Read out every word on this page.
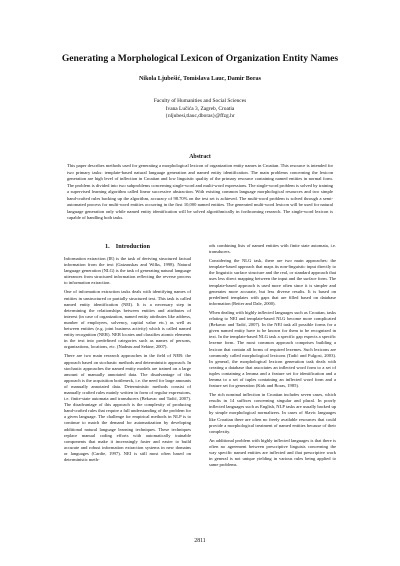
Generating a Morphological Lexicon of Organization Entity Names
Nikola Ljubešić, Tomislava Lauc, Damir Boras
Faculty of Humanities and Social Sciences
Ivana Lučića 3, Zagreb, Croatia
{nljubesi,tlauc,dboras}@ffzg.hr
Abstract
This paper describes methods used for generating a morphological lexicon of organization entity names in Croatian. This resource is intended for two primary tasks: template-based natural language generation and named entity identification. The main problems concerning the lexicon generation are high level of inflection in Croatian and low linguistic quality of the primary resource containing named entities in normal form. The problem is divided into two subproblems concerning single-word and multi-word expressions. The single-word problem is solved by training a supervised learning algorithm called linear successive abstraction. With existing common language morphological resources and two simple hand-crafted rules backing up the algorithm, accuracy of 98.70% on the test set is achieved. The multi-word problem is solved through a semi-automated process for multi-word entities occurring in the first 10,000 named entities. The generated multi-word lexicon will be used for natural language generation only while named entity identification will be solved algorithmically in forthcoming research. The single-word lexicon is capable of handling both tasks.
1. Introduction

Information extraction (IE) is the task of deriving structured factual information from the text (Gaizauskas and Wilks, 1998). Natural language generation (NLG) is the task of generating natural language utterances from structured information reflecting the reverse process to information extraction.

One of information extraction tasks deals with identifying names of entities in unstructured or partially structured text. This task is called named entity identification (NEI). It is a necessary step in determining the relationships between entities and attributes of interest (in case of organization, named entity attributes like address, number of employees, solvency, capital value etc.) as well as between entities (e.g. joint business activity) which is called named entity recognition (NER). NER locates and classifies atomic elements in the text into predefined categories such as names of persons, organizations, locations, etc. (Nadeau and Sekine, 2007).

There are two main research approaches in the field of NER: the approach based on stochastic methods and deterministic approach. In stochastic approaches the named entity models are trained on a large amount of manually annotated data. The disadvantage of this approach is the acquisition bottleneck, i.e. the need for large amounts of manually annotated data. Deterministic methods consist of manually crafted rules mainly written in form of regular expressions, i.e. finite-state automata and transducers (Bekavac and Tadić, 2007). The disadvantage of this approach is the complexity of producing hand-crafted rules that require a full understanding of the problem for a given language. The challenge for empirical methods in NLP is to continue to match the demand for automatization by developing additional natural language learning techniques. These techniques replace manual coding efforts with automatically trainable components that make it increasingly faster and easier to build accurate and robust information extraction systems in new domains or languages (Cardie, 1997). NEI is still most often based on deterministic meth-

ods combining lists of named entities with finite state automata, i.e. transducers.

Considering the NLG task, there are two main approaches: the template-based approach that maps its non-linguistic input directly to the linguistic surface structure and the real, or standard approach that uses less direct mapping between the input and the surface form. The template-based approach is used more often since it is simpler and generates more accurate, but less diverse results. It is based on predefined templates with gaps that are filled based on database information (Reiter and Dale, 2000).

When dealing with highly inflected languages such as Croatian, tasks relating to NEI and template-based NLG become more complicated (Bekavac and Tadić, 2007). In the NEI task all possible forms for a given named entity have to be known for them to be recognized in text. In the template-based NLG task a specific gap expects a specific lexeme form. The most common approach comprises building a lexicon that contain all forms of required lexemes. Such lexicons are commonly called morphological lexicons (Tadić and Fulgosi, 2003). In general, the morphological lexicon generation task deals with creating a database that associates an inflected word form to a set of tuples containing a lemma and a feature set for identification and a lemma to a set of tuples containing an inflected word form and a feature set for generation (Kirk and Boras, 1985).

The rich nominal inflection in Croatian includes seven cases, which results in 14 suffixes concerning singular and plural. In poorly inflected languages such as English, NLP tasks are usually backed up by simple morphological normalizers. In cases of Slavic languages like Croatian there are often no freely available resources that could provide a morphological treatment of named entities because of their complexity.

An additional problem with highly inflected languages is that there is often no agreement between prescriptive linguists concerning the way specific named entities are inflected and that prescriptive work in general is not unique yielding in various rules being applied to same problems.

2811
